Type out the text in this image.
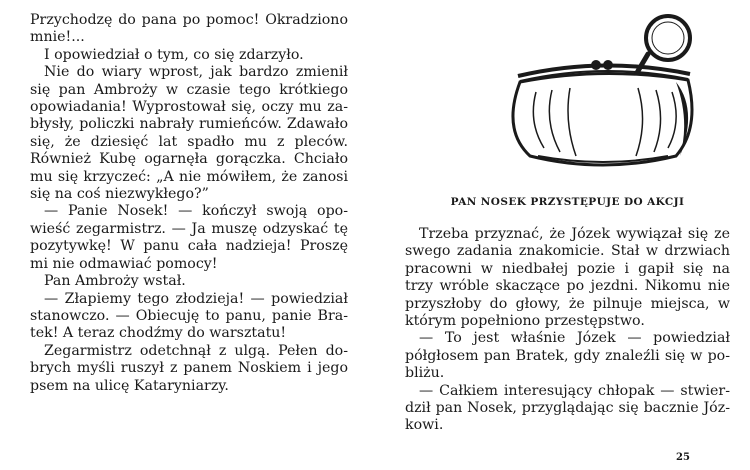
Przychodzę do pana po pomoc! Okradziono mnie!...

I opowiedział o tym, co się zdarzyło.

Nie do wiary wprost, jak bardzo zmienił się pan Ambroży w czasie tego krótkiego opowiadania! Wyprostował się, oczy mu zabłysły, policzki nabrały rumieńców. Zdawało się, że dziesięć lat spadło mu z pleców. Również Kubę ogarnęła gorączka. Chciało mu się krzyczeć: „A nie mówiłem, że zanosi się na coś niezwykłego?”

— Panie Nosek! — kończył swoją opowieść zegarmistrz. — Ja muszę odzyskać tę pozytywkę! W panu cała nadzieja! Proszę mi nie odmawiać pomocy!

Pan Ambroży wstał.

— Złapiemy tego złodzieja! — powiedział stanowczo. — Obiecuję to panu, panie Bratek! A teraz chodźmy do warsztatu!

Zegarmistrz odetchnął z ulgą. Pełen dobrych myśli ruszył z panem Noskiem i jego psem na ulicę Kataryniarzy.

PAN NOSEK PRZYSTĘPUJE DO AKCJI

Trzeba przyznać, że Józek wywiązał się ze swego zadania znakomicie. Stał w drzwiach pracowni w niedbałej pozie i gapił się na trzy wróble skaczące po jezdni. Nikomu nie przyszłoby do głowy, że pilnuje miejsca, w którym popełniono przestępstwo.

— To jest właśnie Józek — powiedział półgłosem pan Bratek, gdy znaleźli się w pobliżu.

— Całkiem interesujący chłopak — stwierdził pan Nosek, przyglądając się bacznie Józkowi.

25
